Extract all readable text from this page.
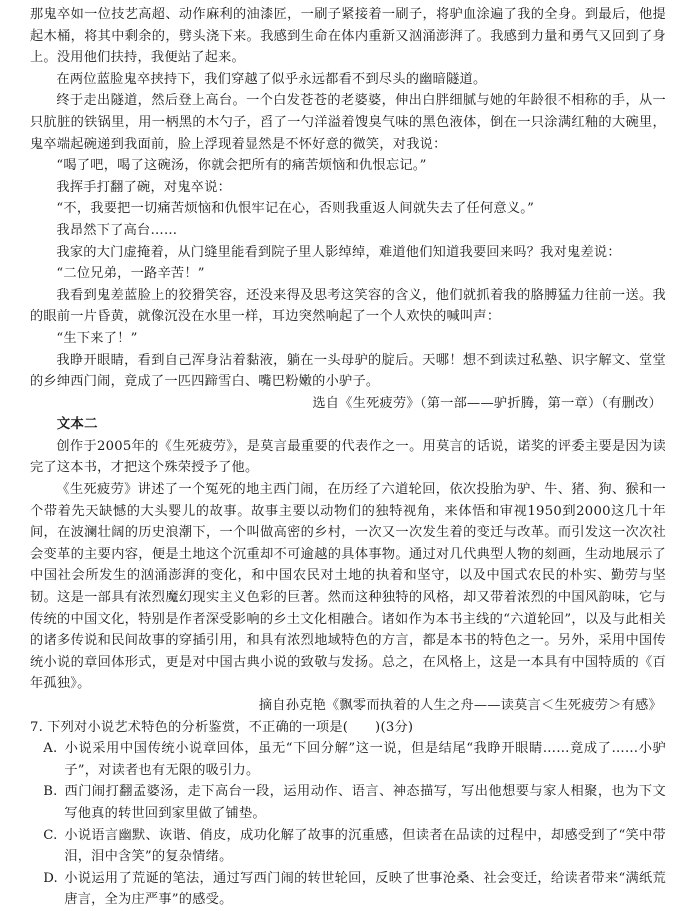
那鬼卒如一位技艺高超、动作麻利的油漆匠，一刷子紧接着一刷子，将驴血涂遍了我的全身。到最后，他提起木桶，将其中剩余的，劈头浇下来。我感到生命在体内重新又汹涌澎湃了。我感到力量和勇气又回到了身上。没用他们扶持，我便站了起来。

在两位蓝脸鬼卒挟持下，我们穿越了似乎永远都看不到尽头的幽暗隧道。

终于走出隧道，然后登上高台。一个白发苍苍的老婆婆，伸出白胖细腻与她的年龄很不相称的手，从一只肮脏的铁锅里，用一柄黑的木勺子，舀了一勺洋溢着馊臭气味的黑色液体，倒在一只涂满红釉的大碗里，鬼卒端起碗递到我面前，脸上浮现着显然是不怀好意的微笑，对我说：

“喝了吧，喝了这碗汤，你就会把所有的痛苦烦恼和仇恨忘记。”

我挥手打翻了碗，对鬼卒说：

“不，我要把一切痛苦烦恼和仇恨牢记在心，否则我重返人间就失去了任何意义。”

我昂然下了高台……

我家的大门虚掩着，从门缝里能看到院子里人影绰绰，难道他们知道我要回来吗？我对鬼差说：

“二位兄弟，一路辛苦！”

我看到鬼差蓝脸上的狡猾笑容，还没来得及思考这笑容的含义，他们就抓着我的胳膊猛力往前一送。我的眼前一片昏黄，就像沉没在水里一样，耳边突然响起了一个人欢快的喊叫声：

“生下来了！”

我睁开眼睛，看到自己浑身沾着黏液，躺在一头母驴的腚后。天哪！想不到读过私塾、识字解文、堂堂的乡绅西门闹，竟成了一匹四蹄雪白、嘴巴粉嫩的小驴子。

选自《生死疲劳》（第一部——驴折腾，第一章）（有删改）

文本二

创作于2005年的《生死疲劳》，是莫言最重要的代表作之一。用莫言的话说，诺奖的评委主要是因为读完了这本书，才把这个殊荣授予了他。

《生死疲劳》讲述了一个冤死的地主西门闹，在历经了六道轮回，依次投胎为驴、牛、猪、狗、猴和一个带着先天缺憾的大头婴儿的故事。故事主要以动物们的独特视角，来体悟和审视1950到2000这几十年间，在波澜壮阔的历史浪潮下，一个叫做高密的乡村，一次又一次发生着的变迁与改革。而引发这一次次社会变革的主要内容，便是土地这个沉重却不可逾越的具体事物。通过对几代典型人物的刻画，生动地展示了中国社会所发生的汹涌澎湃的变化，和中国农民对土地的执着和坚守，以及中国式农民的朴实、勤劳与坚韧。这是一部具有浓烈魔幻现实主义色彩的巨著。然而这种独特的风格，却又带着浓烈的中国风韵味，它与传统的中国文化，特别是作者深受影响的乡土文化相融合。诸如作为本书主线的“六道轮回”，以及与此相关的诸多传说和民间故事的穿插引用，和具有浓烈地域特色的方言，都是本书的特色之一。另外，采用中国传统小说的章回体形式，更是对中国古典小说的致敬与发扬。总之，在风格上，这是一本具有中国特质的《百年孤独》。

摘自孙克艳《飘零而执着的人生之舟——读莫言＜生死疲劳＞有感》

7. 下列对小说艺术特色的分析鉴赏，不正确的一项是(　　)(3分)

A. 小说采用中国传统小说章回体，虽无“下回分解”这一说，但是结尾“我睁开眼睛……竟成了……小驴子”，对读者也有无限的吸引力。

B. 西门闹打翻孟婆汤，走下高台一段，运用动作、语言、神态描写，写出他想要与家人相聚，也为下文写他真的转世回到家里做了铺垫。

C. 小说语言幽默、诙谐、俏皮，成功化解了故事的沉重感，但读者在品读的过程中，却感受到了“笑中带泪，泪中含笑”的复杂情绪。

D. 小说运用了荒诞的笔法，通过写西门闹的转世轮回，反映了世事沧桑、社会变迁，给读者带来“满纸荒唐言，全为庄严事”的感受。
